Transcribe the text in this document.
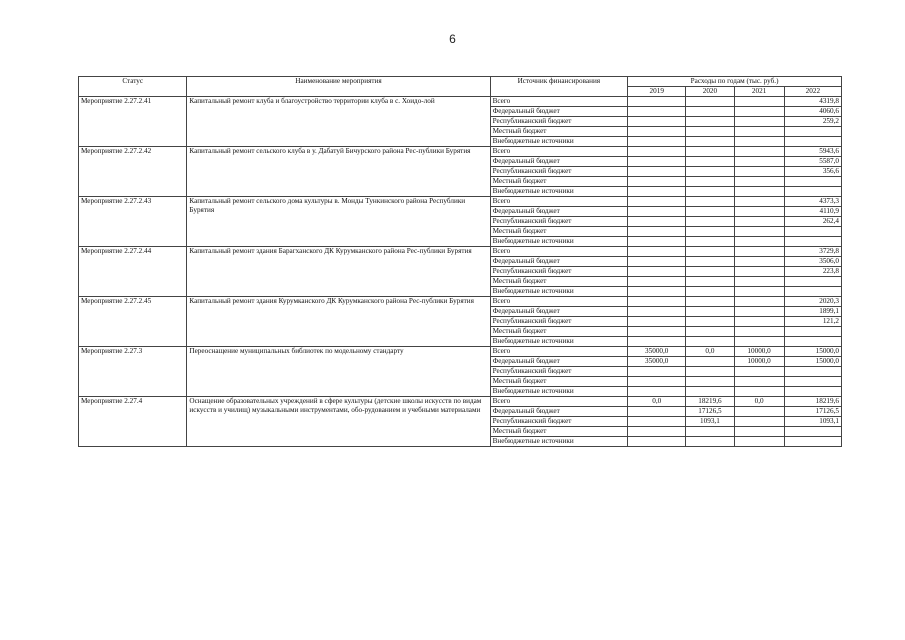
6
Статус	Наименование мероприятия	Источник финансирования	Расходы по годам (тыс. руб.)			
			2019	2020	2021	2022
Мероприятие 2.27.2.41	Капитальный ремонт клуба и благоустройство территории клуба в с. Хоидо-лой	Всего				4319,8
		Федеральный бюджет				4060,6
		Республиканский бюджет				259,2
		Местный бюджет				
		Внебюджетные источники				
Мероприятие 2.27.2.42	Капитальный ремонт сельского клуба в у. Дабатуй Бичурского района Рес-публики Бурятия	Всего				5943,6
		Федеральный бюджет				5587,0
		Республиканский бюджет				356,6
		Местный бюджет				
		Внебюджетные источники				
Мероприятие 2.27.2.43	Капитальный ремонт сельского дома культуры в. Монды Тункинского района Республики Бурятия	Всего				4373,3
		Федеральный бюджет				4110,9
		Республиканский бюджет				262,4
		Местный бюджет				
		Внебюджетные источники				
Мероприятие 2.27.2.44	Капитальный ремонт здания Барагханского ДК Курумканского района Рес-публики Бурятия	Всего				3729,8
		Федеральный бюджет				3506,0
		Республиканский бюджет				223,8
		Местный бюджет				
		Внебюджетные источники				
Мероприятие 2.27.2.45	Капитальный ремонт здания Курумканского ДК Курумканского района Рес-публики Бурятия	Всего				2020,3
		Федеральный бюджет				1899,1
		Республиканский бюджет				121,2
		Местный бюджет				
		Внебюджетные источники				
Мероприятие 2.27.3	Переоснащение муниципальных библиотек по модельному стандарту	Всего	35000,0	0,0	10000,0	15000,0
		Федеральный бюджет	35000,0		10000,0	15000,0
		Республиканский бюджет				
		Местный бюджет				
		Внебюджетные источники				
Мероприятие 2.27.4	Оснащение образовательных учреждений в сфере культуры (детские школы искусств по видам искусств и училищ) музыкальными инструментами, обо-рудованием и учебными материалами	Всего	0,0	18219,6	0,0	18219,6
		Федеральный бюджет		17126,5		17126,5
		Республиканский бюджет		1093,1		1093,1
		Местный бюджет				
		Внебюджетные источники				
